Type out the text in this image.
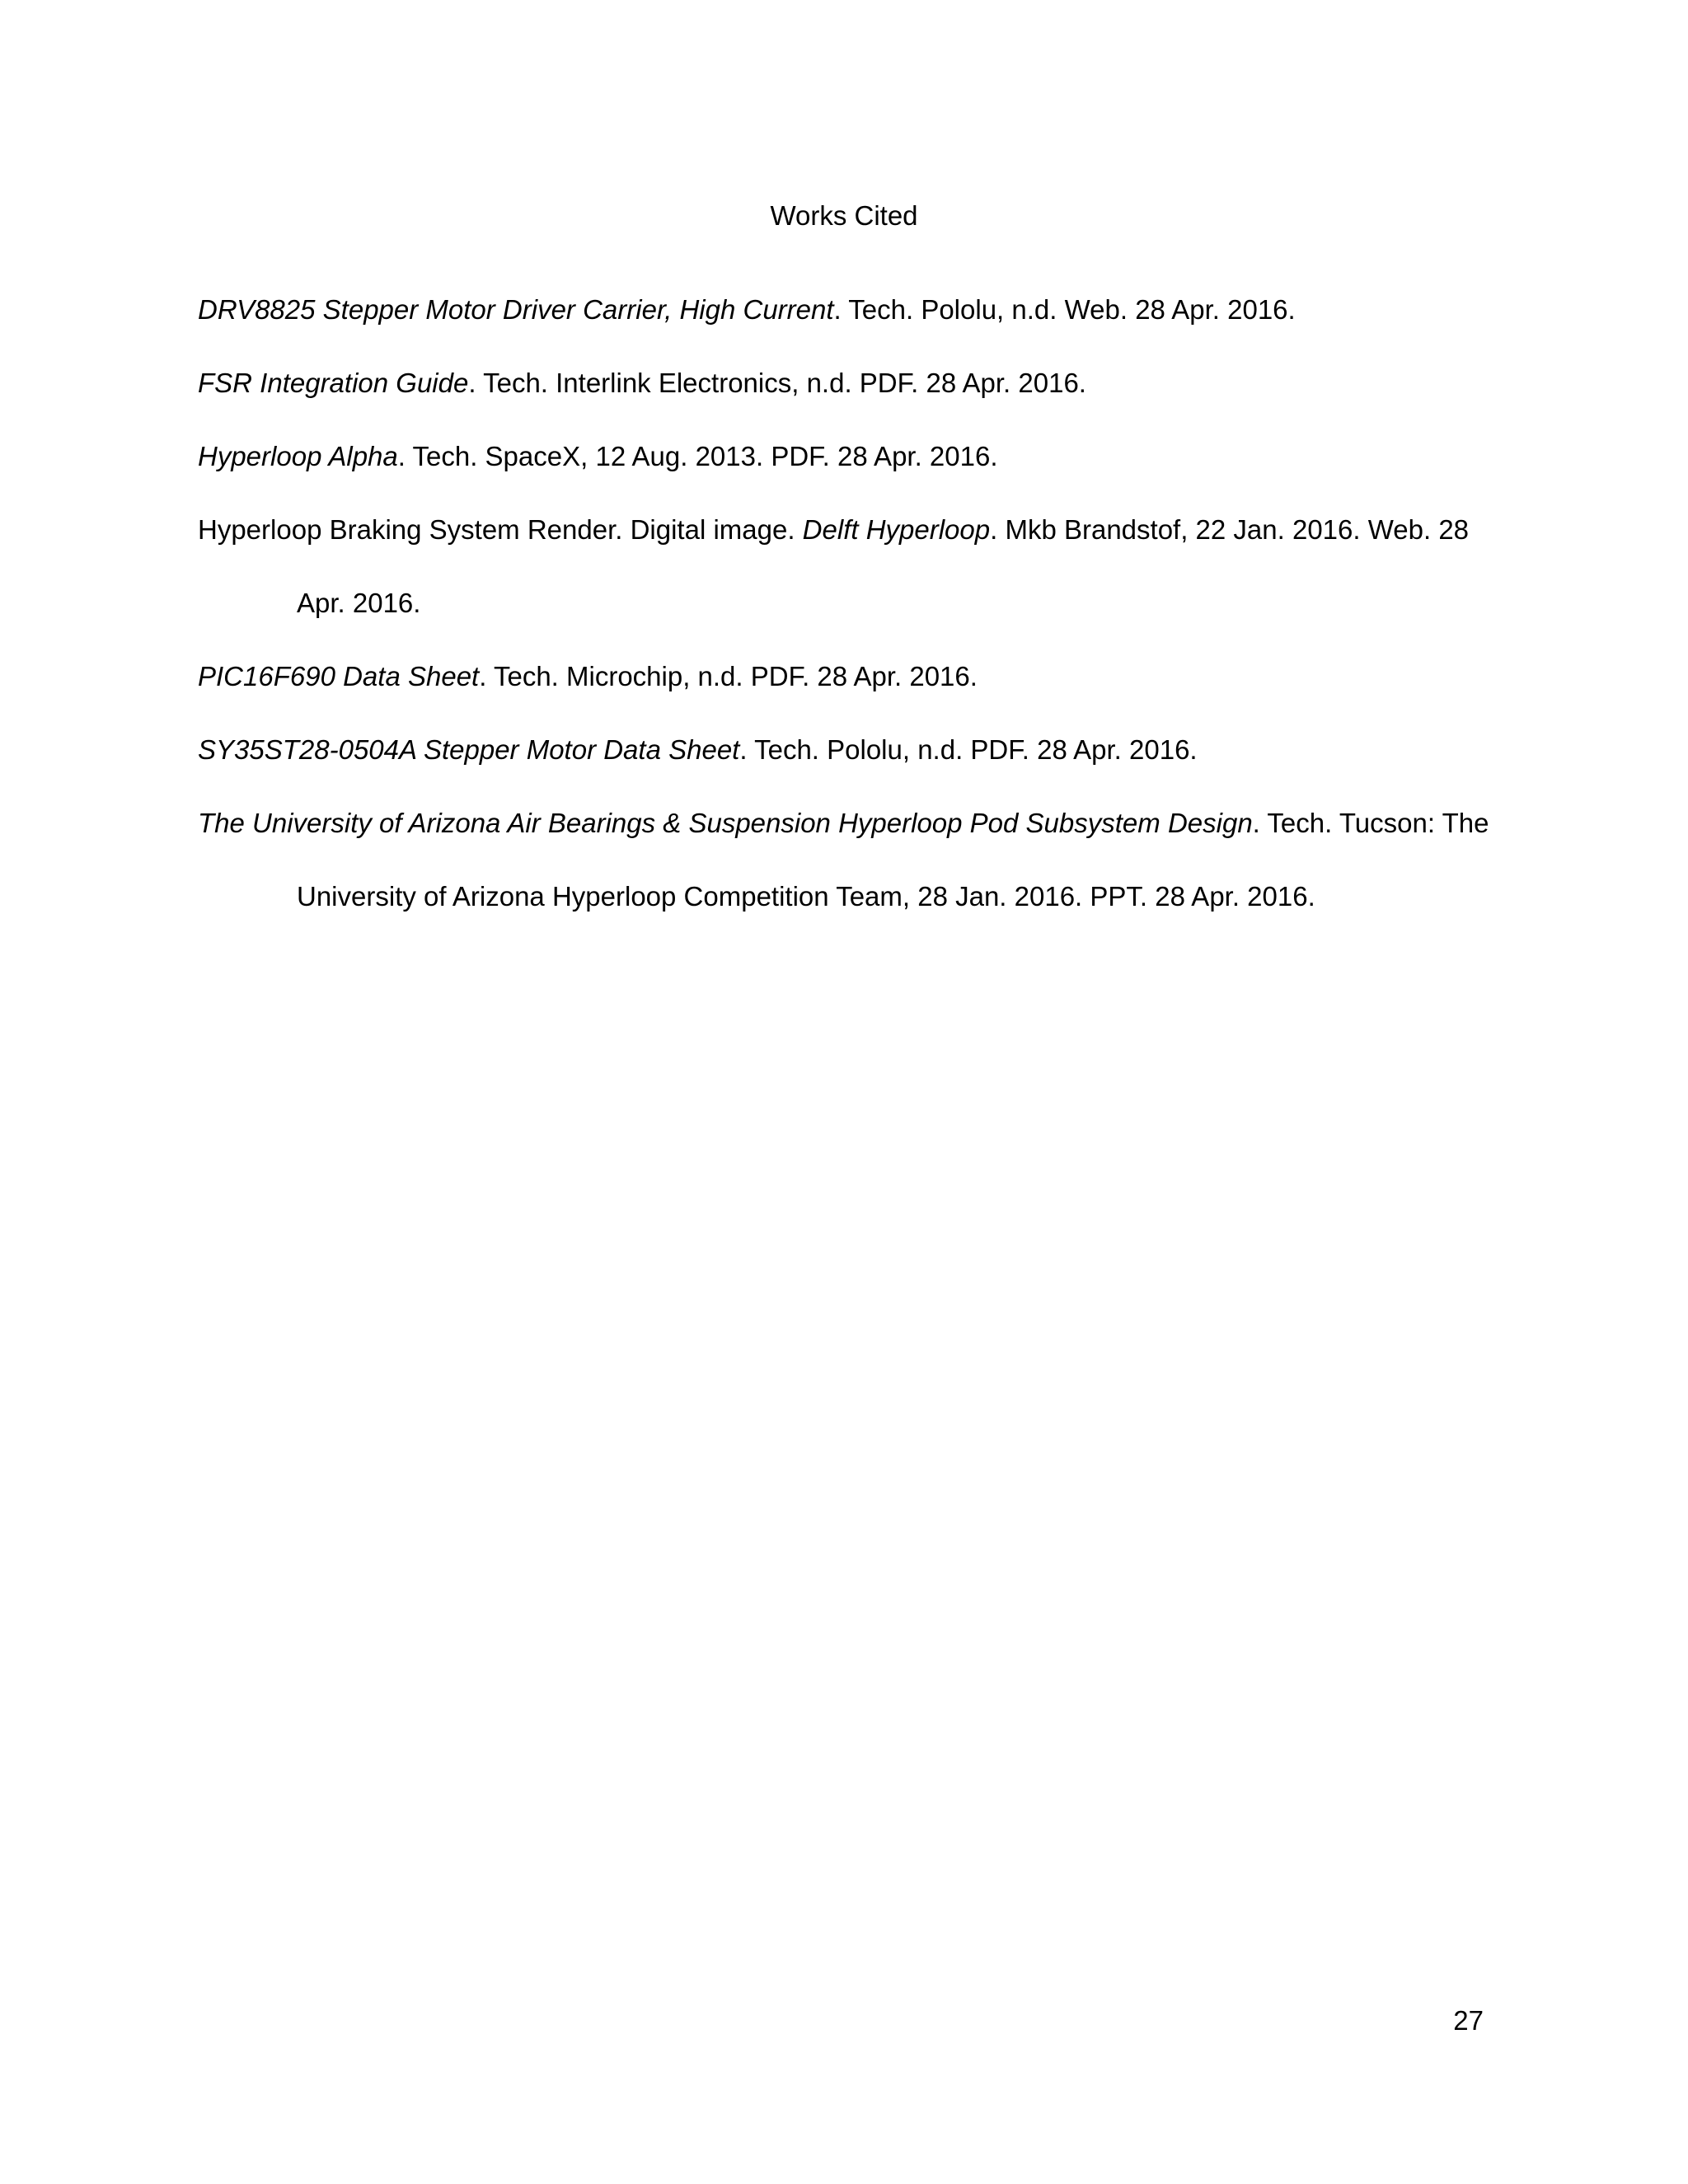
Works Cited
DRV8825 Stepper Motor Driver Carrier, High Current. Tech. Pololu, n.d. Web. 28 Apr. 2016.
FSR Integration Guide. Tech. Interlink Electronics, n.d. PDF. 28 Apr. 2016.
Hyperloop Alpha. Tech. SpaceX, 12 Aug. 2013. PDF. 28 Apr. 2016.
Hyperloop Braking System Render. Digital image. Delft Hyperloop. Mkb Brandstof, 22 Jan. 2016. Web. 28 Apr. 2016.
PIC16F690 Data Sheet. Tech. Microchip, n.d. PDF. 28 Apr. 2016.
SY35ST28-0504A Stepper Motor Data Sheet. Tech. Pololu, n.d. PDF. 28 Apr. 2016.
The University of Arizona Air Bearings & Suspension Hyperloop Pod Subsystem Design. Tech. Tucson: The University of Arizona Hyperloop Competition Team, 28 Jan. 2016. PPT. 28 Apr. 2016.
27
